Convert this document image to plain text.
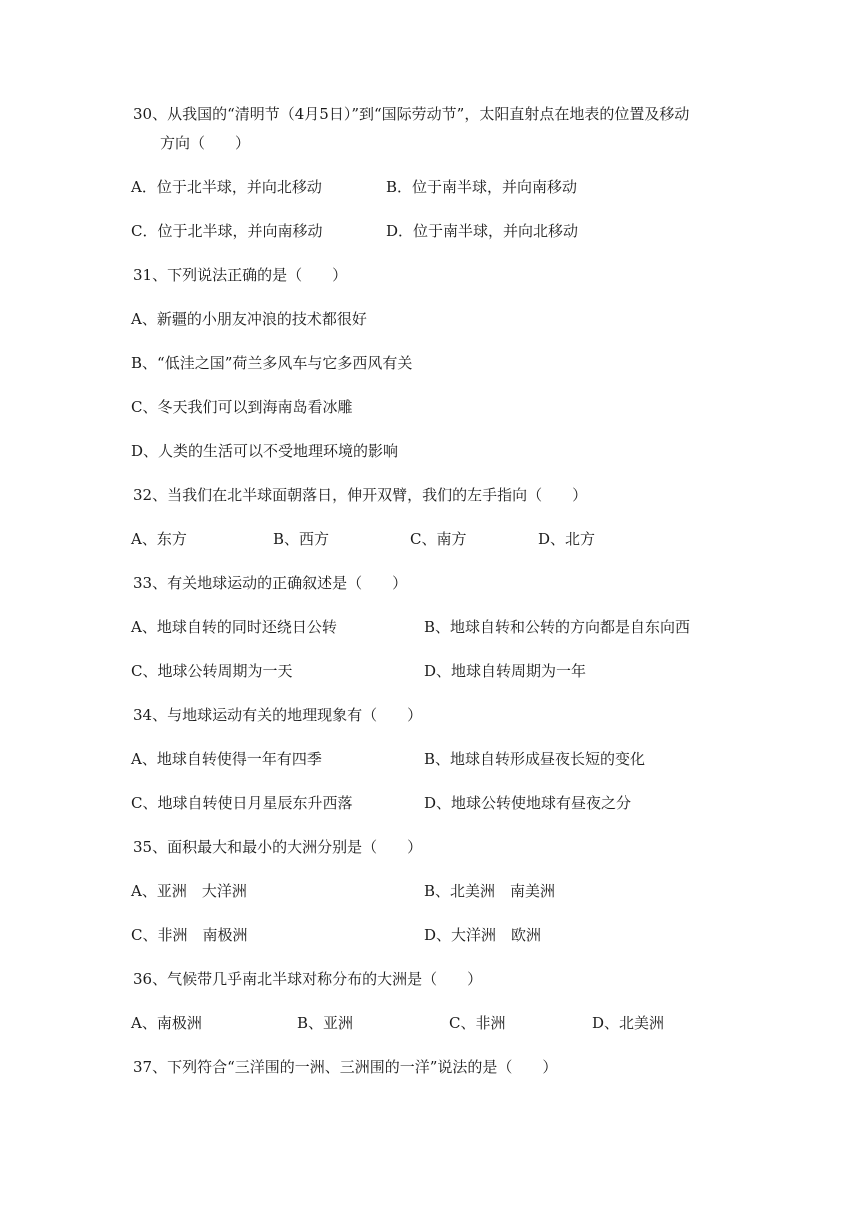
30、从我国的“清明节（4月5日）”到“国际劳动节”，太阳直射点在地表的位置及移动
方向（　　）
A．位于北半球，并向北移动	B．位于南半球，并向南移动
C．位于北半球，并向南移动	D．位于南半球，并向北移动
31、下列说法正确的是（　　）
A、新疆的小朋友冲浪的技术都很好
B、“低洼之国”荷兰多风车与它多西风有关
C、冬天我们可以到海南岛看冰雕
D、人类的生活可以不受地理环境的影响
32、当我们在北半球面朝落日，伸开双臂，我们的左手指向（　　）
A、东方	B、西方	C、南方	D、北方
33、有关地球运动的正确叙述是（　　）
A、地球自转的同时还绕日公转	B、地球自转和公转的方向都是自东向西
C、地球公转周期为一天	D、地球自转周期为一年
34、与地球运动有关的地理现象有（　　）
A、地球自转使得一年有四季	B、地球自转形成昼夜长短的变化
C、地球自转使日月星辰东升西落	D、地球公转使地球有昼夜之分
35、面积最大和最小的大洲分别是（　　）
A、亚洲　大洋洲	B、北美洲　南美洲
C、非洲　南极洲	D、大洋洲　欧洲
36、气候带几乎南北半球对称分布的大洲是（　　）
A、南极洲	B、亚洲	C、非洲	D、北美洲
37、下列符合“三洋围的一洲、三洲围的一洋”说法的是（　　）
